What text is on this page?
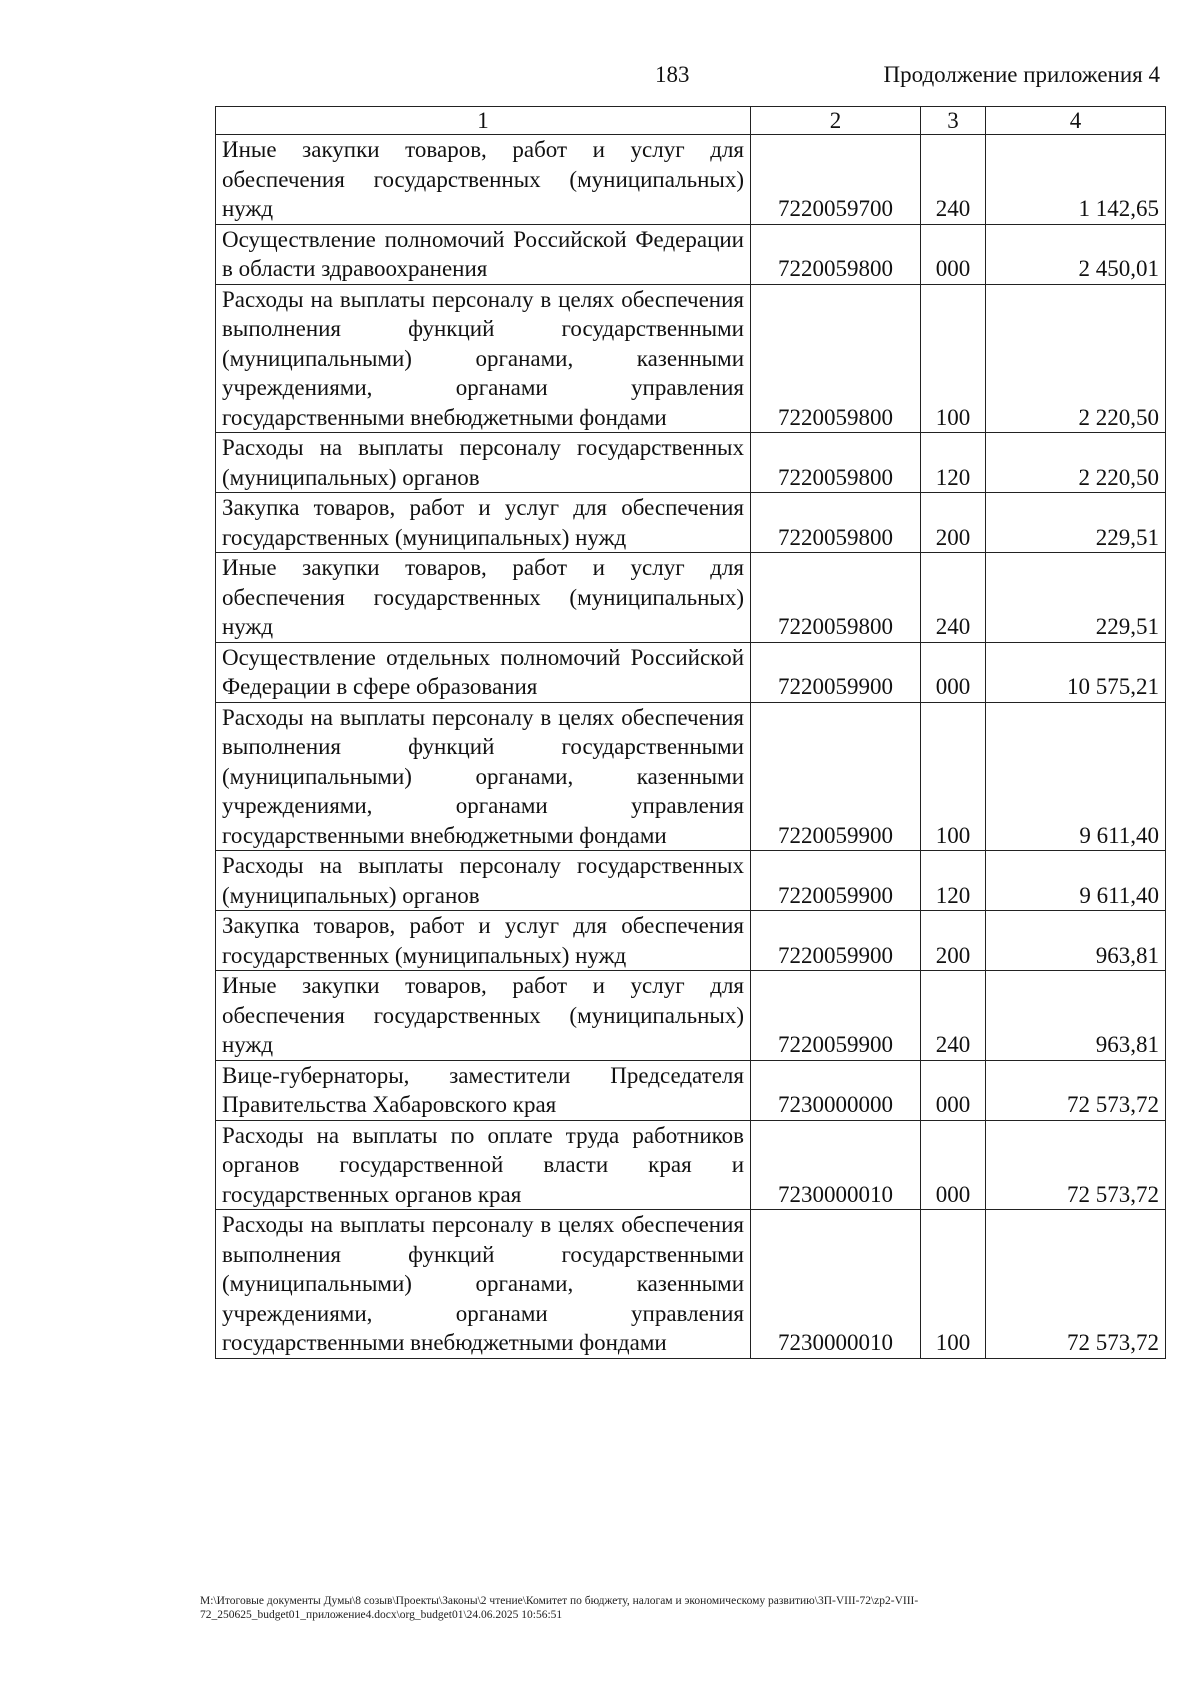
183	Продолжение приложения 4
1	2	3	4
Иные закупки товаров, работ и услуг для обеспечения государственных (муниципальных) нужд	7220059700	240	1 142,65
Осуществление полномочий Российской Федерации в области здравоохранения	7220059800	000	2 450,01
Расходы на выплаты персоналу в целях обеспечения выполнения функций государственными (муниципальными) органами, казенными учреждениями, органами управления государственными внебюджетными фондами	7220059800	100	2 220,50
Расходы на выплаты персоналу государственных (муниципальных) органов	7220059800	120	2 220,50
Закупка товаров, работ и услуг для обеспечения государственных (муниципальных) нужд	7220059800	200	229,51
Иные закупки товаров, работ и услуг для обеспечения государственных (муниципальных) нужд	7220059800	240	229,51
Осуществление отдельных полномочий Российской Федерации в сфере образования	7220059900	000	10 575,21
Расходы на выплаты персоналу в целях обеспечения выполнения функций государственными (муниципальными) органами, казенными учреждениями, органами управления государственными внебюджетными фондами	7220059900	100	9 611,40
Расходы на выплаты персоналу государственных (муниципальных) органов	7220059900	120	9 611,40
Закупка товаров, работ и услуг для обеспечения государственных (муниципальных) нужд	7220059900	200	963,81
Иные закупки товаров, работ и услуг для обеспечения государственных (муниципальных) нужд	7220059900	240	963,81
Вице-губернаторы, заместители Председателя Правительства Хабаровского края	7230000000	000	72 573,72
Расходы на выплаты по оплате труда работников органов государственной власти края и государственных органов края	7230000010	000	72 573,72
Расходы на выплаты персоналу в целях обеспечения выполнения функций государственными (муниципальными) органами, казенными учреждениями, органами управления государственными внебюджетными фондами	7230000010	100	72 573,72
M:\Итоговые документы Думы\8 созыв\Проекты\Законы\2 чтение\Комитет по бюджету, налогам и экономическому развитию\3П-VIII-72\zp2-VIII-72_250625_budget01_приложение4.docx\org_budget01\24.06.2025 10:56:51
